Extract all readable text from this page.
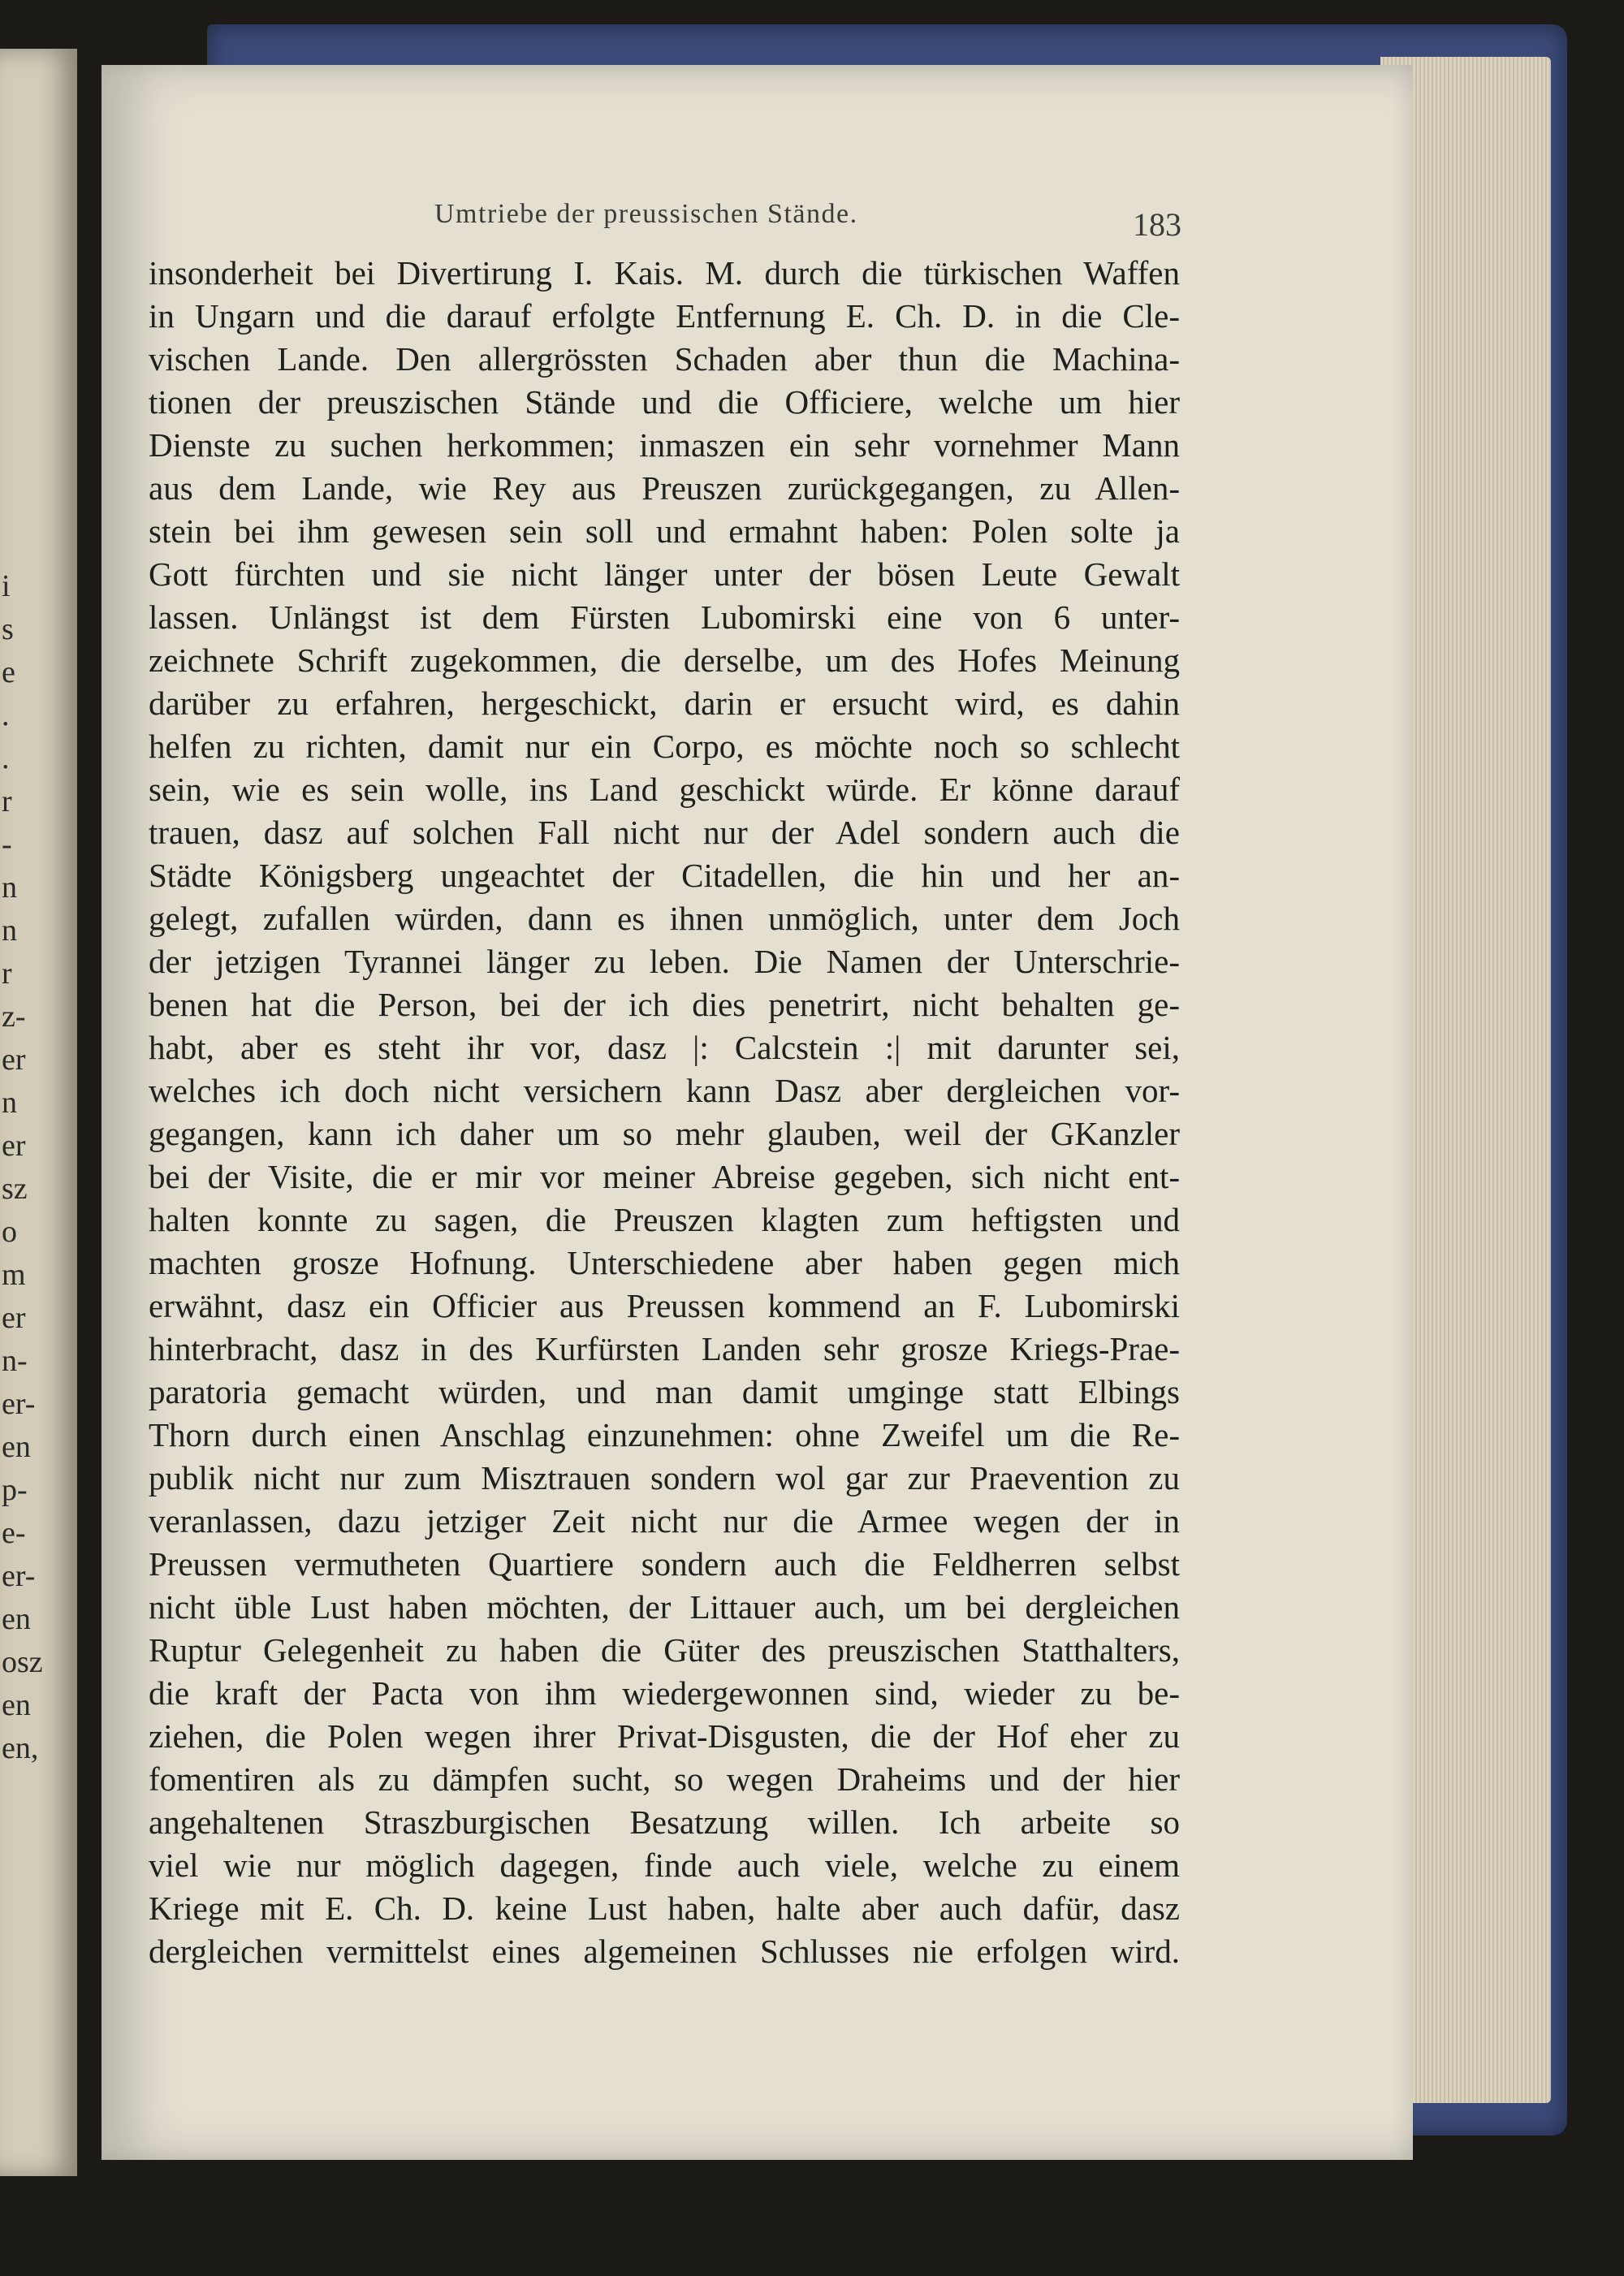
i
s
e
.
.
r
-
n
n
r
z-
er
n
er
sz
o
m
er
n-
er-
en
p-
e-
er-
en
osz
en
en,
Umtriebe der preussischen Stände.	183
insonderheit bei Divertirung I. Kais. M. durch die türkischen Waffen
in Ungarn und die darauf erfolgte Entfernung E. Ch. D. in die Cle-
vischen Lande. Den allergrössten Schaden aber thun die Machina-
tionen der preuszischen Stände und die Officiere, welche um hier
Dienste zu suchen herkommen; inmaszen ein sehr vornehmer Mann
aus dem Lande, wie Rey aus Preuszen zurückgegangen, zu Allen-
stein bei ihm gewesen sein soll und ermahnt haben: Polen solte ja
Gott fürchten und sie nicht länger unter der bösen Leute Gewalt
lassen. Unlängst ist dem Fürsten Lubomirski eine von 6 unter-
zeichnete Schrift zugekommen, die derselbe, um des Hofes Meinung
darüber zu erfahren, hergeschickt, darin er ersucht wird, es dahin
helfen zu richten, damit nur ein Corpo, es möchte noch so schlecht
sein, wie es sein wolle, ins Land geschickt würde. Er könne darauf
trauen, dasz auf solchen Fall nicht nur der Adel sondern auch die
Städte Königsberg ungeachtet der Citadellen, die hin und her an-
gelegt, zufallen würden, dann es ihnen unmöglich, unter dem Joch
der jetzigen Tyrannei länger zu leben. Die Namen der Unterschrie-
benen hat die Person, bei der ich dies penetrirt, nicht behalten ge-
habt, aber es steht ihr vor, dasz |: Calcstein :| mit darunter sei,
welches ich doch nicht versichern kann Dasz aber dergleichen vor-
gegangen, kann ich daher um so mehr glauben, weil der GKanzler
bei der Visite, die er mir vor meiner Abreise gegeben, sich nicht ent-
halten konnte zu sagen, die Preuszen klagten zum heftigsten und
machten grosze Hofnung. Unterschiedene aber haben gegen mich
erwähnt, dasz ein Officier aus Preussen kommend an F. Lubomirski
hinterbracht, dasz in des Kurfürsten Landen sehr grosze Kriegs-Prae-
paratoria gemacht würden, und man damit umginge statt Elbings
Thorn durch einen Anschlag einzunehmen: ohne Zweifel um die Re-
publik nicht nur zum Misztrauen sondern wol gar zur Praevention zu
veranlassen, dazu jetziger Zeit nicht nur die Armee wegen der in
Preussen vermutheten Quartiere sondern auch die Feldherren selbst
nicht üble Lust haben möchten, der Littauer auch, um bei dergleichen
Ruptur Gelegenheit zu haben die Güter des preuszischen Statthalters,
die kraft der Pacta von ihm wiedergewonnen sind, wieder zu be-
ziehen, die Polen wegen ihrer Privat-Disgusten, die der Hof eher zu
fomentiren als zu dämpfen sucht, so wegen Draheims und der hier
angehaltenen Straszburgischen Besatzung willen. Ich arbeite so
viel wie nur möglich dagegen, finde auch viele, welche zu einem
Kriege mit E. Ch. D. keine Lust haben, halte aber auch dafür, dasz
dergleichen vermittelst eines algemeinen Schlusses nie erfolgen wird.
